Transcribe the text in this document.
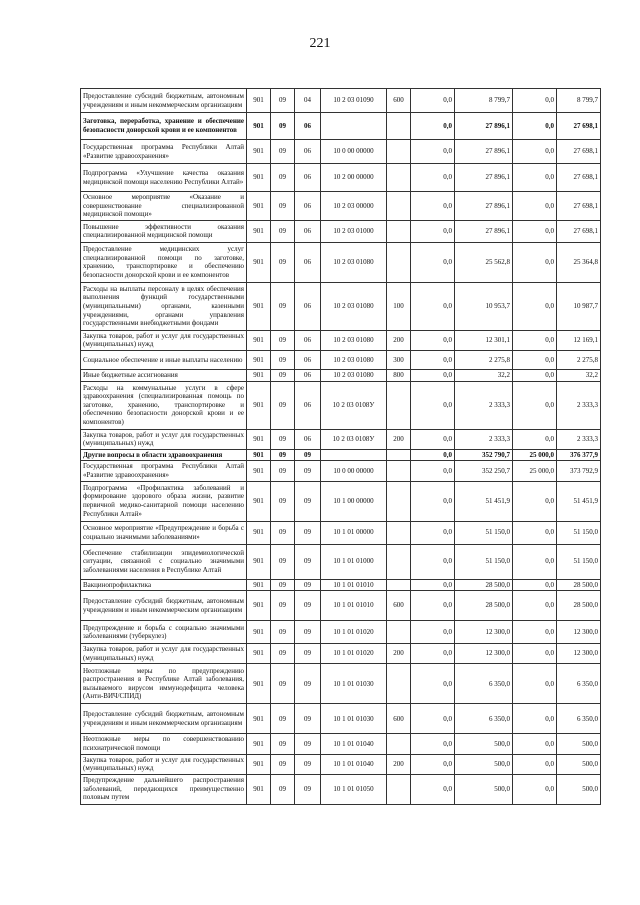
221
Предоставление субсидий бюджетным, автономным учреждениям и иным некоммерческим организациям	901	09	04	10 2 03 01090	600	0,0	8 799,7	0,0	8 799,7
Заготовка, переработка, хранение и обеспечение безопасности донорской крови и ее компонентов	901	09	06			0,0	27 896,1	0,0	27 698,1
Государственная программа Республики Алтай «Развитие здравоохранения»	901	09	06	10 0 00 00000		0,0	27 896,1	0,0	27 698,1
Подпрограмма «Улучшение качества оказания медицинской помощи населению Республики Алтай»	901	09	06	10 2 00 00000		0,0	27 896,1	0,0	27 698,1
Основное мероприятие «Оказание и совершенствование специализированной медицинской помощи»	901	09	06	10 2 03 00000		0,0	27 896,1	0,0	27 698,1
Повышение эффективности оказания специализированной медицинской помощи	901	09	06	10 2 03 01000		0,0	27 896,1	0,0	27 698,1
Предоставление медицинских услуг специализированной помощи по заготовке, хранению, транспортировке и обеспечению безопасности донорской крови и ее компонентов	901	09	06	10 2 03 01080		0,0	25 562,8	0,0	25 364,8
Расходы на выплаты персоналу в целях обеспечения выполнения функций государственными (муниципальными) органами, казенными учреждениями, органами управления государственными внебюджетными фондами	901	09	06	10 2 03 01080	100	0,0	10 953,7	0,0	10 987,7
Закупка товаров, работ и услуг для государственных (муниципальных) нужд	901	09	06	10 2 03 01080	200	0,0	12 301,1	0,0	12 169,1
Социальное обеспечение и иные выплаты населению	901	09	06	10 2 03 01080	300	0,0	2 275,8	0,0	2 275,8
Иные бюджетные ассигнования	901	09	06	10 2 03 01080	800	0,0	32,2	0,0	32,2
Расходы на коммунальные услуги в сфере здравоохранения (специализированная помощь по заготовке, хранению, транспортировке и обеспечению безопасности донорской крови и ее компонентов)	901	09	06	10 2 03 0108У		0,0	2 333,3	0,0	2 333,3
Закупка товаров, работ и услуг для государственных (муниципальных) нужд	901	09	06	10 2 03 0108У	200	0,0	2 333,3	0,0	2 333,3
Другие вопросы в области здравоохранения	901	09	09			0,0	352 790,7	25 000,0	376 377,9
Государственная программа Республики Алтай «Развитие здравоохранения»	901	09	09	10 0 00 00000		0,0	352 250,7	25 000,0	373 792,9
Подпрограмма «Профилактика заболеваний и формирование здорового образа жизни, развитие первичной медико-санитарной помощи населению Республики Алтай»	901	09	09	10 1 00 00000		0,0	51 451,9	0,0	51 451,9
Основное мероприятие «Предупреждение и борьба с социально значимыми заболеваниями»	901	09	09	10 1 01 00000		0,0	51 150,0	0,0	51 150,0
Обеспечение стабилизации эпидемиологической ситуации, связанной с социально значимыми заболеваниями населения в Республике Алтай	901	09	09	10 1 01 01000		0,0	51 150,0	0,0	51 150,0
Вакцинопрофилактика	901	09	09	10 1 01 01010		0,0	28 500,0	0,0	28 500,0
Предоставление субсидий бюджетным, автономным учреждениям и иным некоммерческим организациям	901	09	09	10 1 01 01010	600	0,0	28 500,0	0,0	28 500,0
Предупреждение и борьба с социально значимыми заболеваниями (туберкулез)	901	09	09	10 1 01 01020		0,0	12 300,0	0,0	12 300,0
Закупка товаров, работ и услуг для государственных (муниципальных) нужд	901	09	09	10 1 01 01020	200	0,0	12 300,0	0,0	12 300,0
Неотложные меры по предупреждению распространения в Республике Алтай заболевания, вызываемого вирусом иммунодефицита человека (Анти-ВИЧ/СПИД)	901	09	09	10 1 01 01030		0,0	6 350,0	0,0	6 350,0
Предоставление субсидий бюджетным, автономным учреждениям и иным некоммерческим организациям	901	09	09	10 1 01 01030	600	0,0	6 350,0	0,0	6 350,0
Неотложные меры по совершенствованию психиатрической помощи	901	09	09	10 1 01 01040		0,0	500,0	0,0	500,0
Закупка товаров, работ и услуг для государственных (муниципальных) нужд	901	09	09	10 1 01 01040	200	0,0	500,0	0,0	500,0
Предупреждение дальнейшего распространения заболеваний, передающихся преимущественно половым путем	901	09	09	10 1 01 01050		0,0	500,0	0,0	500,0
